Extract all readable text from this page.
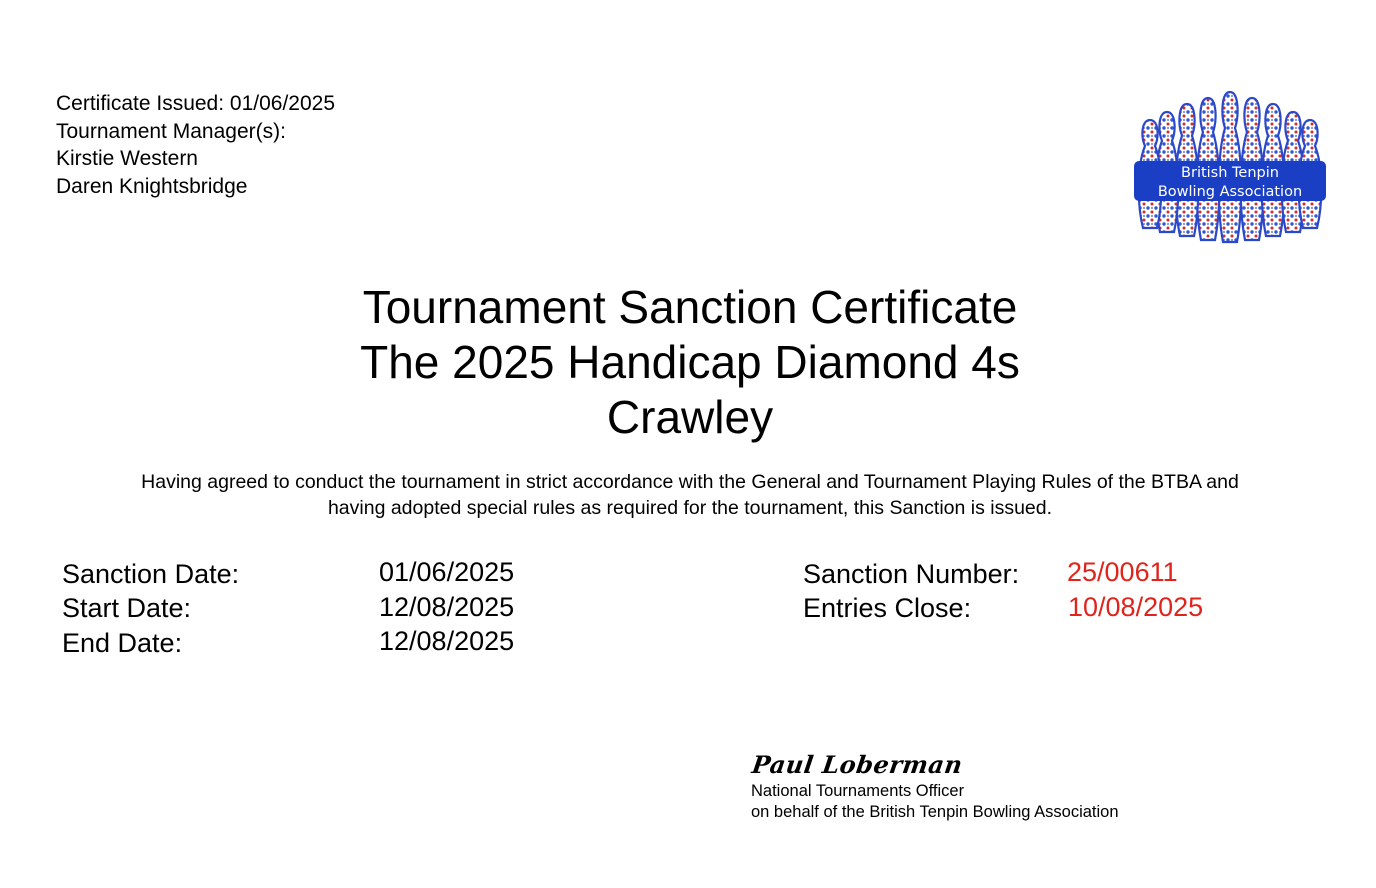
Certificate Issued: 01/06/2025
Tournament Manager(s):
Kirstie Western
Daren Knightsbridge
British Tenpin
Bowling Association
Tournament Sanction Certificate
The 2025 Handicap Diamond 4s
Crawley
Having agreed to conduct the tournament in strict accordance with the General and Tournament Playing Rules of the BTBA and
having adopted special rules as required for the tournament, this Sanction is issued.
Sanction Date:	01/06/2025
Start Date:	12/08/2025
End Date:	12/08/2025
Sanction Number: 25/00611
Entries Close:	10/08/2025
Paul Loberman
National Tournaments Officer
on behalf of the British Tenpin Bowling Association
